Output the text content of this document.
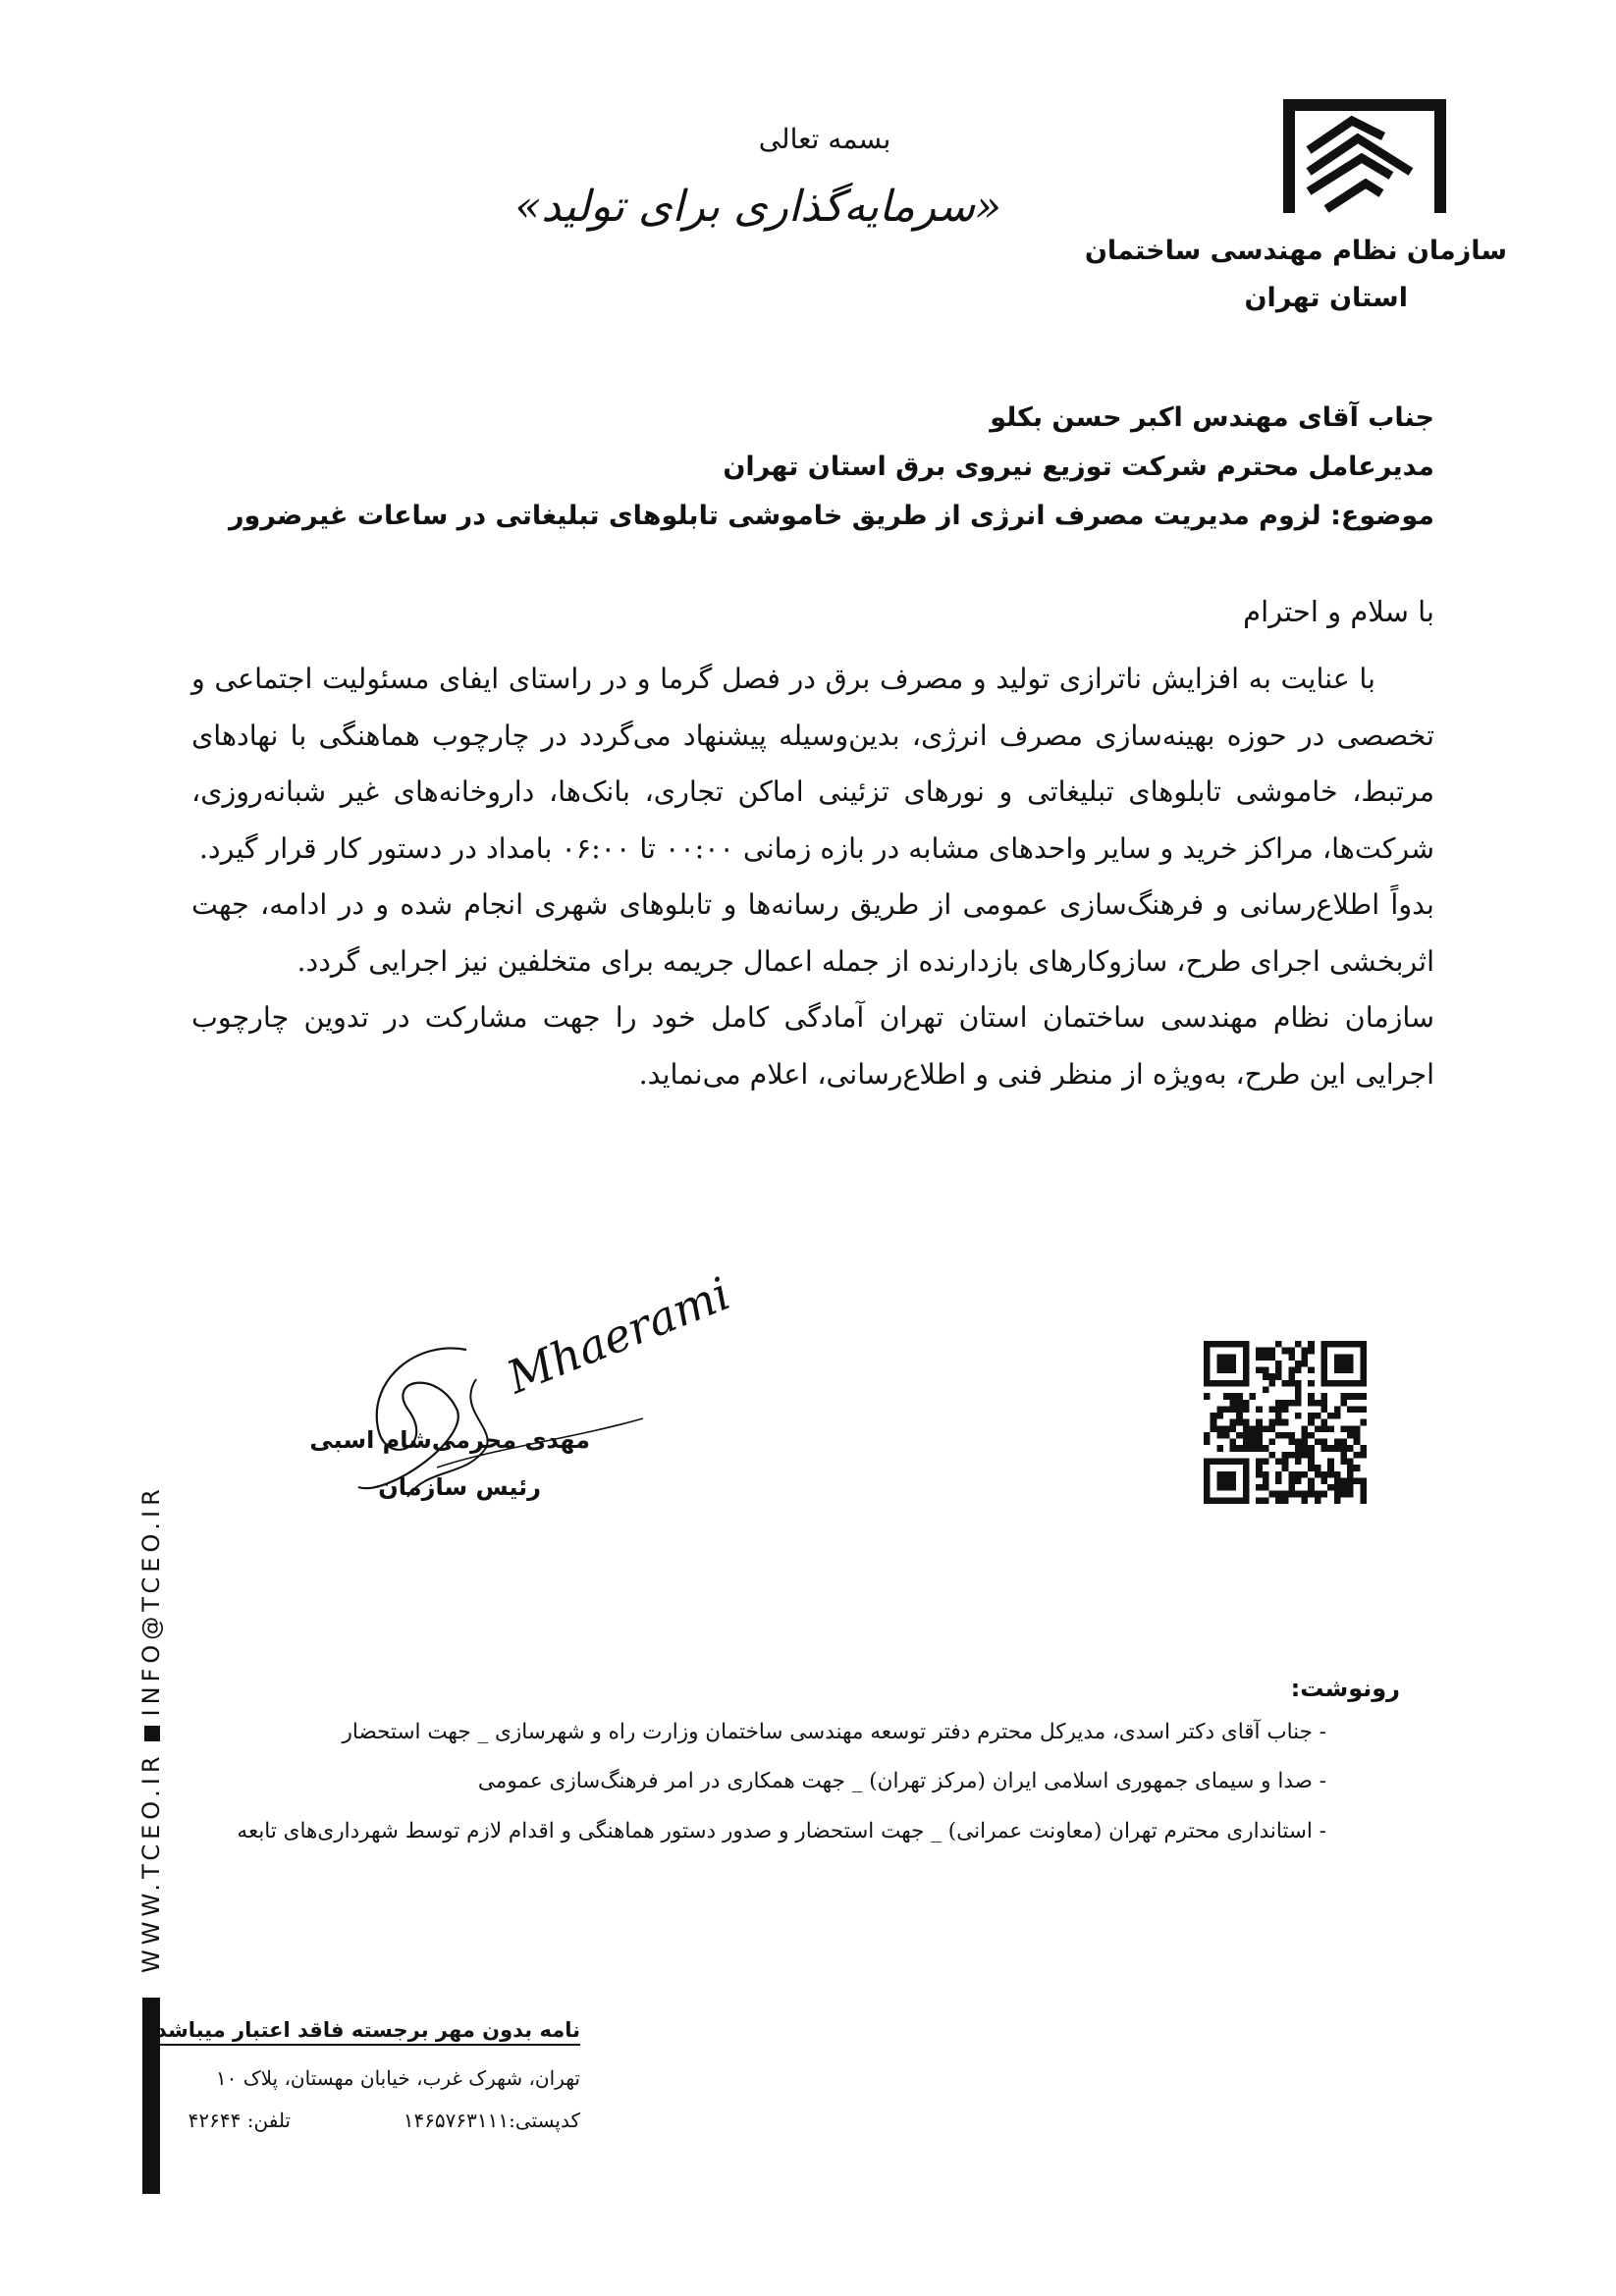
سازمان نظام مهندسی ساختمان
استان تهران
بسمه تعالی
«سرمایه‌گذاری برای تولید»
جناب آقای مهندس اکبر حسن بکلو
مدیرعامل محترم شرکت توزیع نیروی برق استان تهران
موضوع: لزوم مدیریت مصرف انرژی از طریق خاموشی تابلوهای تبلیغاتی در ساعات غیرضرور
با سلام و احترام

با عنایت به افزایش ناترازی تولید و مصرف برق در فصل گرما و در راستای ایفای مسئولیت اجتماعی و تخصصی در حوزه بهینه‌سازی مصرف انرژی، بدین‌وسیله پیشنهاد می‌گردد در چارچوب هماهنگی با نهادهای مرتبط، خاموشی تابلوهای تبلیغاتی و نورهای تزئینی اماکن تجاری، بانک‌ها، داروخانه‌های غیر شبانه‌روزی، شرکت‌ها، مراکز خرید و سایر واحدهای مشابه در بازه زمانی ۰۰:۰۰ تا ۰۶:۰۰ بامداد در دستور کار قرار گیرد.

بدواً اطلاع‌رسانی و فرهنگ‌سازی عمومی از طریق رسانه‌ها و تابلوهای شهری انجام شده و در ادامه، جهت اثربخشی اجرای طرح، سازوکارهای بازدارنده از جمله اعمال جریمه برای متخلفین نیز اجرایی گردد.

سازمان نظام مهندسی ساختمان استان تهران آمادگی کامل خود را جهت مشارکت در تدوین چارچوب اجرایی این طرح، به‌ویژه از منظر فنی و اطلاع‌رسانی، اعلام می‌نماید.

Mhaerami
مهدی محرمی‌شام اسبی
رئیس سازمان
رونوشت:
- جناب آقای دکتر اسدی، مدیرکل محترم دفتر توسعه مهندسی ساختمان وزارت راه و شهرسازی _ جهت استحضار
- صدا و سیمای جمهوری اسلامی ایران (مرکز تهران) _ جهت همکاری در امر فرهنگ‌سازی عمومی
- استانداری محترم تهران (معاونت عمرانی) _ جهت استحضار و صدور دستور هماهنگی و اقدام لازم توسط شهرداری‌های تابعه
WWW.TCEO.IRINFO@TCEO.IR
نامه بدون مهر برجسته فاقد اعتبار میباشد
تهران، شهرک غرب، خیابان مهستان، پلاک ۱۰
کدپستی:۱۴۶۵۷۶۳۱۱۱
تلفن: ۴۲۶۴۴
